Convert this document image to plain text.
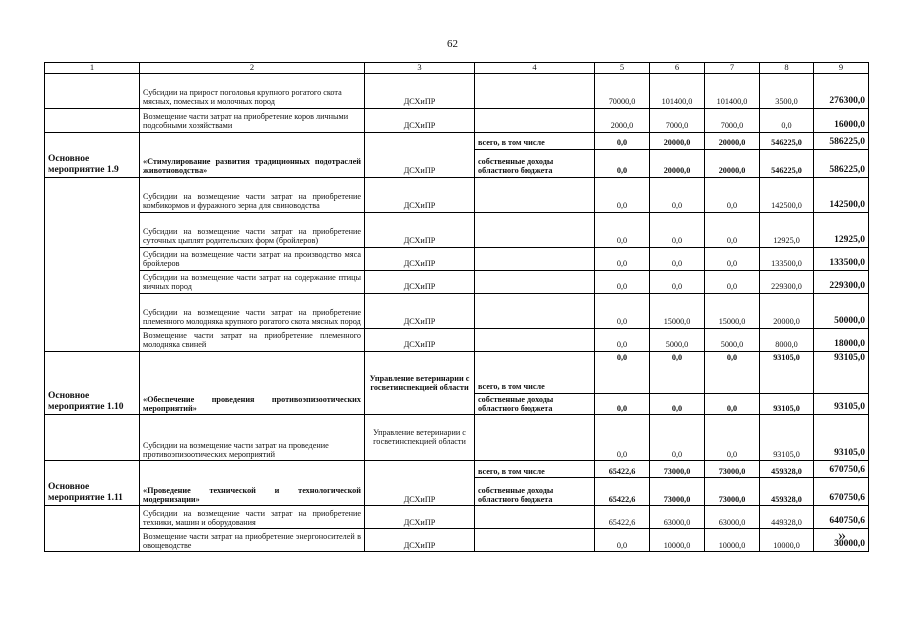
62
1	2	3	4	5	6	7	8	9
	Субсидии на прирост поголовья крупного рогатого скота мясных, помесных и молочных пород	ДСХиПР		70000,0	101400,0	101400,0	3500,0	276300,0
	Возмещение части затрат на приобретение коров личными подсобными хозяйствами	ДСХиПР		2000,0	7000,0	7000,0	0,0	16000,0
Основное мероприятие 1.9	«Стимулирование развития традиционных подотраслей животноводства»	ДСХиПР	всего, в том числе	0,0	20000,0	20000,0	546225,0	586225,0
			собственные доходы областного бюджета	0,0	20000,0	20000,0	546225,0	586225,0
	Субсидии на возмещение части затрат на приобретение комбикормов и фуражного зерна для свиноводства	ДСХиПР		0,0	0,0	0,0	142500,0	142500,0
	Субсидии на возмещение части затрат на приобретение суточных цыплят родительских форм (бройлеров)	ДСХиПР		0,0	0,0	0,0	12925,0	12925,0
	Субсидии на возмещение части затрат на производство мяса бройлеров	ДСХиПР		0,0	0,0	0,0	133500,0	133500,0
	Субсидии на возмещение части затрат на содержание птицы яичных пород	ДСХиПР		0,0	0,0	0,0	229300,0	229300,0
	Субсидии на возмещение части затрат на приобретение племенного молодняка крупного рогатого скота мясных пород	ДСХиПР		0,0	15000,0	15000,0	20000,0	50000,0
	Возмещение части затрат на приобретение племенного молодняка свиней	ДСХиПР		0,0	5000,0	5000,0	8000,0	18000,0
Основное мероприятие 1.10	«Обеспечение проведения противоэпизоотических мероприятий»	Управление ветеринарии с госветинспекцией области	всего, в том числе	0,0	0,0	0,0	93105,0	93105,0
			собственные доходы областного бюджета	0,0	0,0	0,0	93105,0	93105,0
	Субсидии на возмещение части затрат на проведение противоэпизоотических мероприятий	Управление ветеринарии с госветинспекцией области		0,0	0,0	0,0	93105,0	93105,0
Основное мероприятие 1.11	«Проведение технической и технологической модернизации»	ДСХиПР	всего, в том числе	65422,6	73000,0	73000,0	459328,0	670750,6
			собственные доходы областного бюджета	65422,6	73000,0	73000,0	459328,0	670750,6
	Субсидии на возмещение части затрат на приобретение техники, машин и оборудования	ДСХиПР		65422,6	63000,0	63000,0	449328,0	640750,6
	Возмещение части затрат на приобретение энергоносителей в овощеводстве	ДСХиПР		0,0	10000,0	10000,0	10000,0	30000,0
»
